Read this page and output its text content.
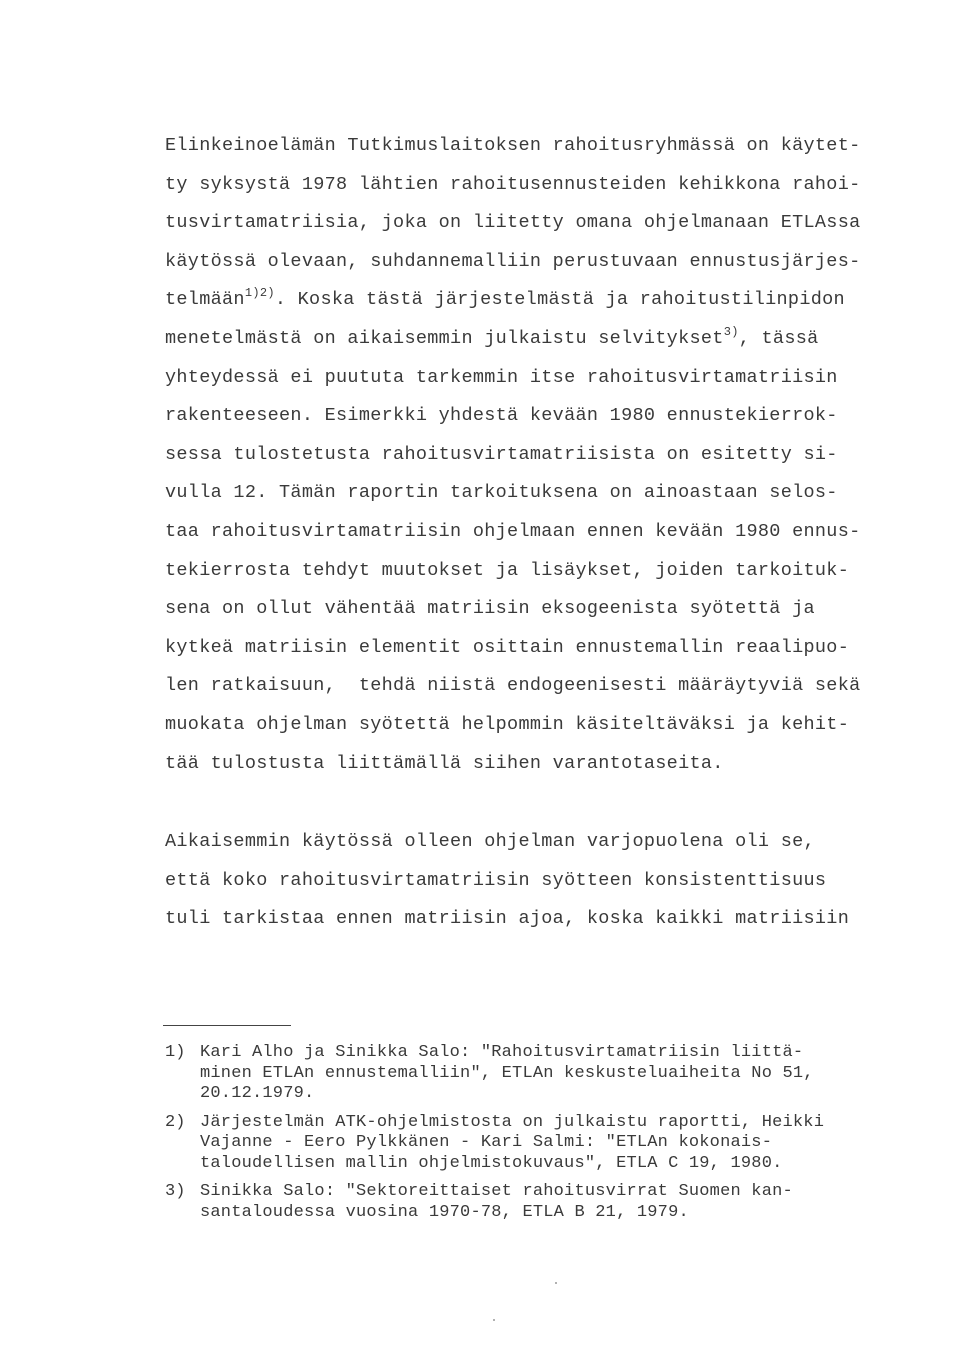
Elinkeinoelämän Tutkimuslaitoksen rahoitusryhmässä on käytet-
ty syksystä 1978 lähtien rahoitusennusteiden kehikkona rahoi-
tusvirtamatriisia, joka on liitetty omana ohjelmanaan ETLAssa
käytössä olevaan, suhdannemalliin perustuvaan ennustusjärjes-
telmään$^{1)2)}$. Koska tästä järjestelmästä ja rahoitustilinpidon
menetelmästä on aikaisemmin julkaistu selvitykset$^{3)}$, tässä
yhteydessä ei puututa tarkemmin itse rahoitusvirtamatriisin
rakenteeseen. Esimerkki yhdestä kevään 1980 ennustekierrok-
sessa tulostetusta rahoitusvirtamatriisista on esitetty si-
vulla 12. Tämän raportin tarkoituksena on ainoastaan selos-
taa rahoitusvirtamatriisin ohjelmaan ennen kevään 1980 ennus-
tekierrosta tehdyt muutokset ja lisäykset, joiden tarkoituk-
sena on ollut vähentää matriisin eksogeenista syötettä ja
kytkeä matriisin elementit osittain ennustemallin reaalipuo-
len ratkaisuun,  tehdä niistä endogeenisesti määräytyviä sekä
muokata ohjelman syötettä helpommin käsiteltäväksi ja kehit-
tää tulostusta liittämällä siihen varantotaseita.
Aikaisemmin käytössä olleen ohjelman varjopuolena oli se,
että koko rahoitusvirtamatriisin syötteen konsistenttisuus
tuli tarkistaa ennen matriisin ajoa, koska kaikki matriisiin
1) Kari Alho ja Sinikka Salo: "Rahoitusvirtamatriisin liittä-
minen ETLAn ennustemalliin", ETLAn keskusteluaiheita No 51,
20.12.1979.
2) Järjestelmän ATK-ohjelmistosta on julkaistu raportti, Heikki
Vajanne - Eero Pylkkänen - Kari Salmi: "ETLAn kokonais-
taloudellisen mallin ohjelmistokuvaus", ETLA C 19, 1980.
3) Sinikka Salo: "Sektoreittaiset rahoitusvirrat Suomen kan-
santaloudessa vuosina 1970-78, ETLA B 21, 1979.
